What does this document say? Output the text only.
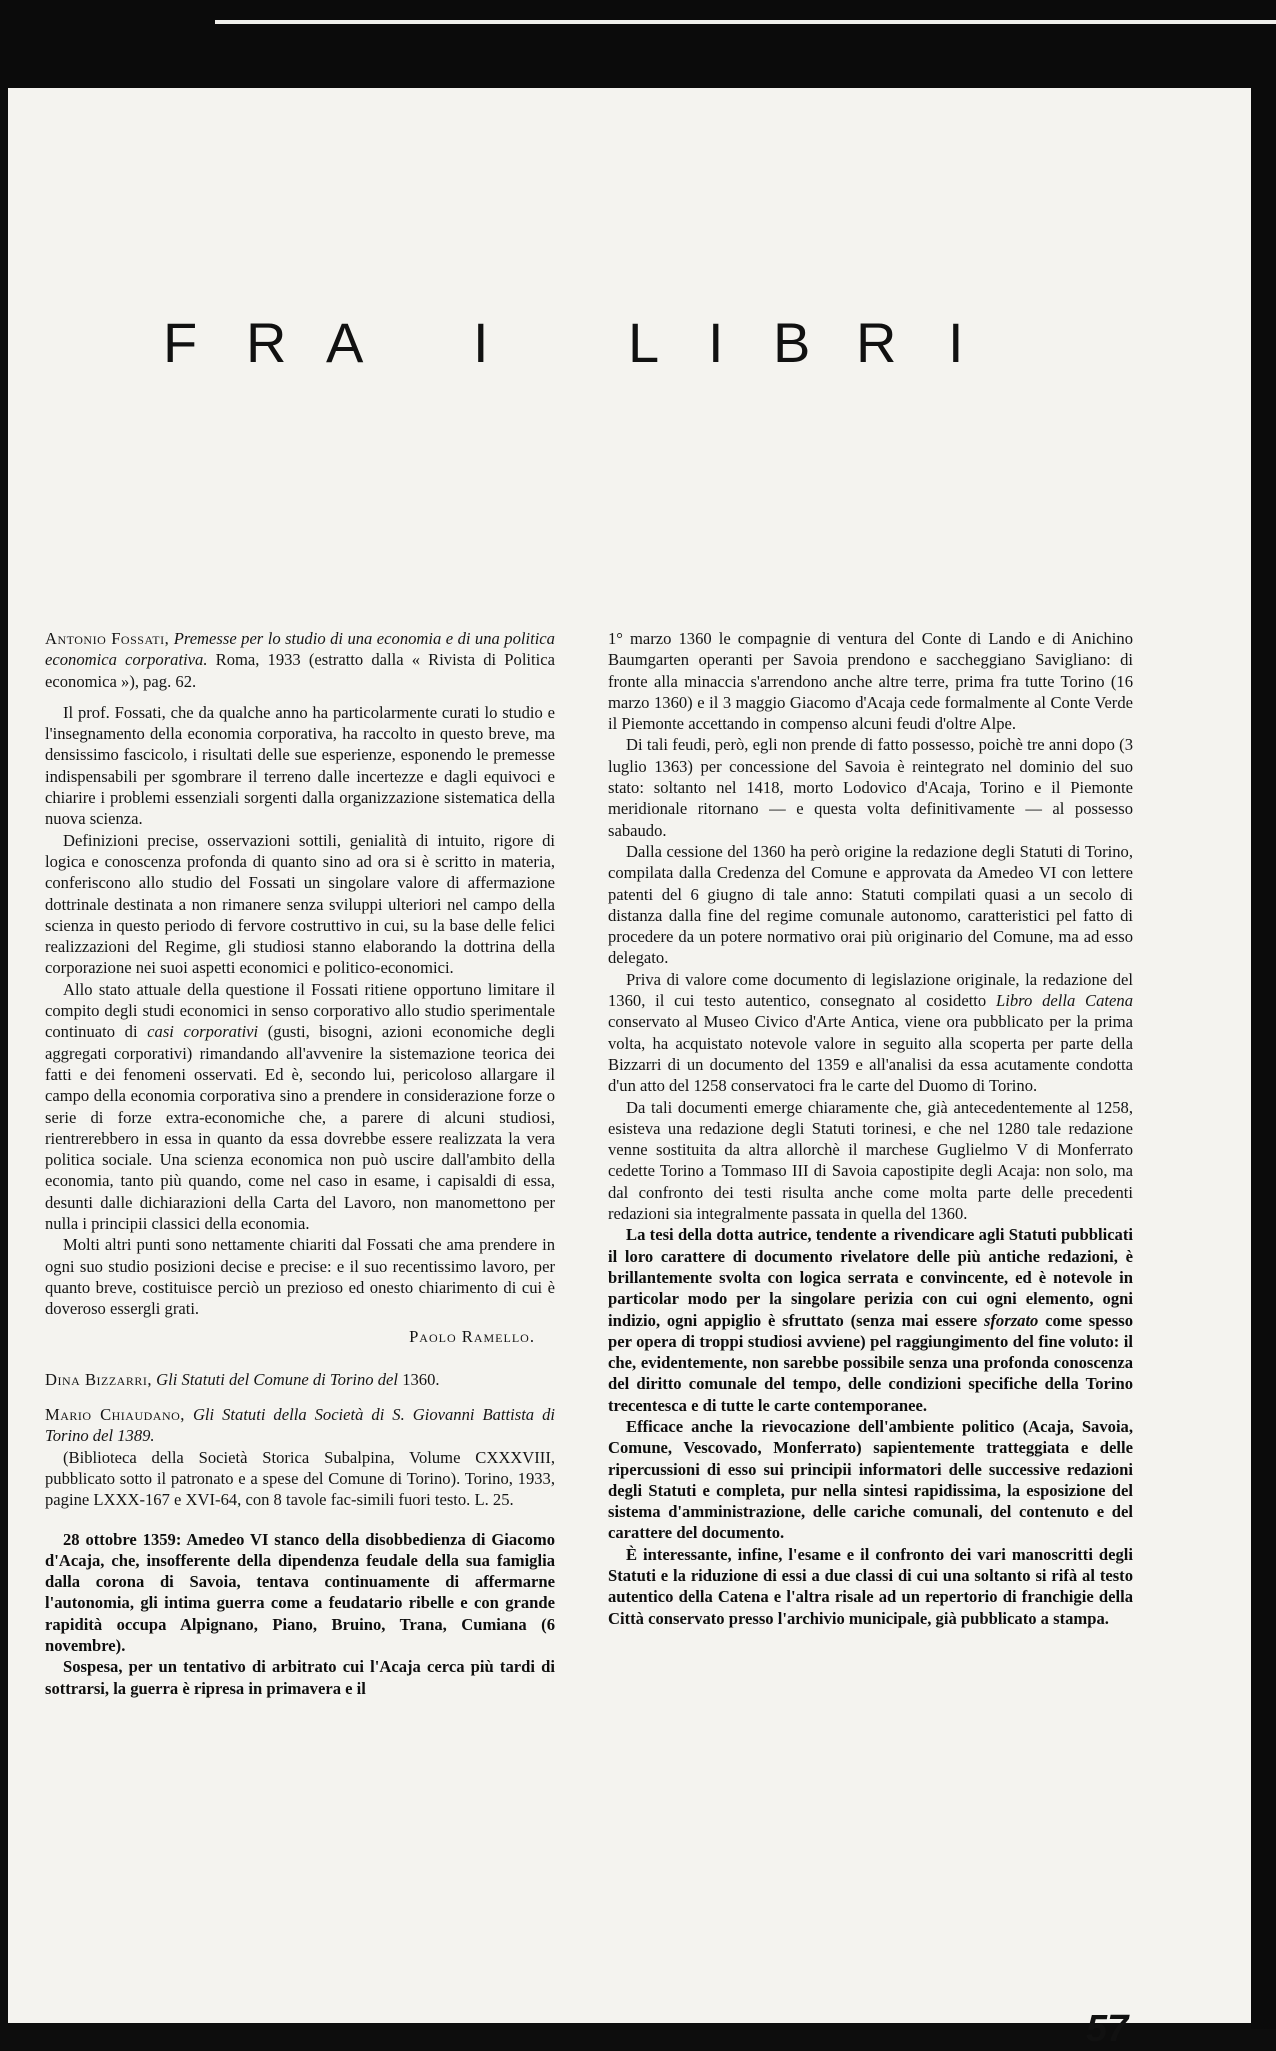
F R A I L I B R I

Antonio Fossati, Premesse per lo studio di una economia e di una politica economica corporativa. Roma, 1933 (estratto dalla « Rivista di Politica economica »), pag. 62.

Il prof. Fossati, che da qualche anno ha particolarmente curati lo studio e l'insegnamento della economia corporativa, ha raccolto in questo breve, ma densissimo fascicolo, i risultati delle sue esperienze, esponendo le premesse indispensabili per sgombrare il terreno dalle incertezze e dagli equivoci e chiarire i problemi essenziali sorgenti dalla organizzazione sistematica della nuova scienza.

Definizioni precise, osservazioni sottili, genialità di intuito, rigore di logica e conoscenza profonda di quanto sino ad ora si è scritto in materia, conferiscono allo studio del Fossati un singolare valore di affermazione dottrinale destinata a non rimanere senza sviluppi ulteriori nel campo della scienza in questo periodo di fervore costruttivo in cui, su la base delle felici realizzazioni del Regime, gli studiosi stanno elaborando la dottrina della corporazione nei suoi aspetti economici e politico-economici.

Allo stato attuale della questione il Fossati ritiene opportuno limitare il compito degli studi economici in senso corporativo allo studio sperimentale continuato di casi corporativi (gusti, bisogni, azioni economiche degli aggregati corporativi) rimandando all'avvenire la sistemazione teorica dei fatti e dei fenomeni osservati. Ed è, secondo lui, pericoloso allargare il campo della economia corporativa sino a prendere in considerazione forze o serie di forze extra-economiche che, a parere di alcuni studiosi, rientrerebbero in essa in quanto da essa dovrebbe essere realizzata la vera politica sociale. Una scienza economica non può uscire dall'ambito della economia, tanto più quando, come nel caso in esame, i capisaldi di essa, desunti dalle dichiarazioni della Carta del Lavoro, non manomettono per nulla i principii classici della economia.

Molti altri punti sono nettamente chiariti dal Fossati che ama prendere in ogni suo studio posizioni decise e precise: e il suo recentissimo lavoro, per quanto breve, costituisce perciò un prezioso ed onesto chiarimento di cui è doveroso essergli grati.

Paolo Ramello.

Dina Bizzarri, Gli Statuti del Comune di Torino del 1360.

Mario Chiaudano, Gli Statuti della Società di S. Giovanni Battista di Torino del 1389.

(Biblioteca della Società Storica Subalpina, Volume CXXXVIII, pubblicato sotto il patronato e a spese del Comune di Torino). Torino, 1933, pagine LXXX-167 e XVI-64, con 8 tavole fac-simili fuori testo. L. 25.

28 ottobre 1359: Amedeo VI stanco della disobbedienza di Giacomo d'Acaja, che, insofferente della dipendenza feudale della sua famiglia dalla corona di Savoia, tentava continuamente di affermarne l'autonomia, gli intima guerra come a feudatario ribelle e con grande rapidità occupa Alpignano, Piano, Bruino, Trana, Cumiana (6 novembre).

Sospesa, per un tentativo di arbitrato cui l'Acaja cerca più tardi di sottrarsi, la guerra è ripresa in primavera e il

1° marzo 1360 le compagnie di ventura del Conte di Lando e di Anichino Baumgarten operanti per Savoia prendono e saccheggiano Savigliano: di fronte alla minaccia s'arrendono anche altre terre, prima fra tutte Torino (16 marzo 1360) e il 3 maggio Giacomo d'Acaja cede formalmente al Conte Verde il Piemonte accettando in compenso alcuni feudi d'oltre Alpe.

Di tali feudi, però, egli non prende di fatto possesso, poichè tre anni dopo (3 luglio 1363) per concessione del Savoia è reintegrato nel dominio del suo stato: soltanto nel 1418, morto Lodovico d'Acaja, Torino e il Piemonte meridionale ritornano — e questa volta definitivamente — al possesso sabaudo.

Dalla cessione del 1360 ha però origine la redazione degli Statuti di Torino, compilata dalla Credenza del Comune e approvata da Amedeo VI con lettere patenti del 6 giugno di tale anno: Statuti compilati quasi a un secolo di distanza dalla fine del regime comunale autonomo, caratteristici pel fatto di procedere da un potere normativo orai più originario del Comune, ma ad esso delegato.

Priva di valore come documento di legislazione originale, la redazione del 1360, il cui testo autentico, consegnato al cosidetto Libro della Catena conservato al Museo Civico d'Arte Antica, viene ora pubblicato per la prima volta, ha acquistato notevole valore in seguito alla scoperta per parte della Bizzarri di un documento del 1359 e all'analisi da essa acutamente condotta d'un atto del 1258 conservatoci fra le carte del Duomo di Torino.

Da tali documenti emerge chiaramente che, già antecedentemente al 1258, esisteva una redazione degli Statuti torinesi, e che nel 1280 tale redazione venne sostituita da altra allorchè il marchese Guglielmo V di Monferrato cedette Torino a Tommaso III di Savoia capostipite degli Acaja: non solo, ma dal confronto dei testi risulta anche come molta parte delle precedenti redazioni sia integralmente passata in quella del 1360.

La tesi della dotta autrice, tendente a rivendicare agli Statuti pubblicati il loro carattere di documento rivelatore delle più antiche redazioni, è brillantemente svolta con logica serrata e convincente, ed è notevole in particolar modo per la singolare perizia con cui ogni elemento, ogni indizio, ogni appiglio è sfruttato (senza mai essere sforzato come spesso per opera di troppi studiosi avviene) pel raggiungimento del fine voluto: il che, evidentemente, non sarebbe possibile senza una profonda conoscenza del diritto comunale del tempo, delle condizioni specifiche della Torino trecentesca e di tutte le carte contemporanee.

Efficace anche la rievocazione dell'ambiente politico (Acaja, Savoia, Comune, Vescovado, Monferrato) sapientemente tratteggiata e delle ripercussioni di esso sui principii informatori delle successive redazioni degli Statuti e completa, pur nella sintesi rapidissima, la esposizione del sistema d'amministrazione, delle cariche comunali, del contenuto e del carattere del documento.

È interessante, infine, l'esame e il confronto dei vari manoscritti degli Statuti e la riduzione di essi a due classi di cui una soltanto si rifà al testo autentico della Catena e l'altra risale ad un repertorio di franchigie della Città conservato presso l'archivio municipale, già pubblicato a stampa.

57
